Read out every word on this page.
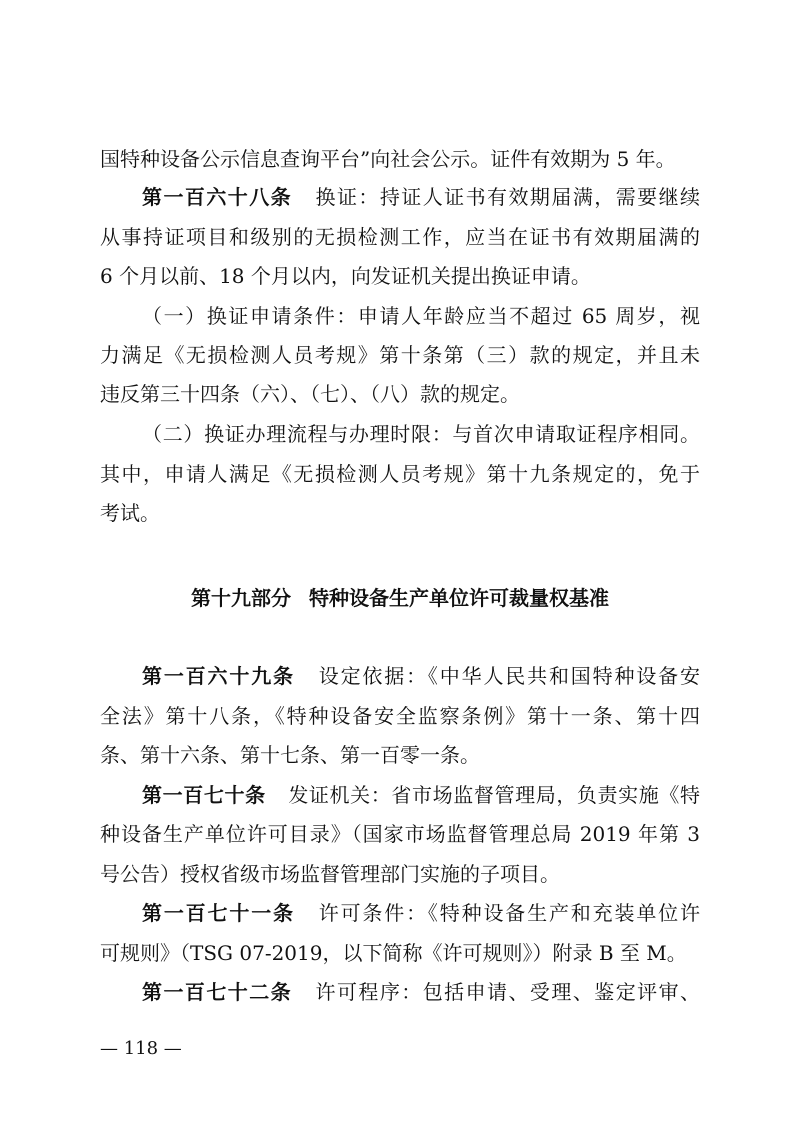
国特种设备公示信息查询平台”向社会公示。证件有效期为 5 年。
第一百六十八条 换证：持证人证书有效期届满，需要继续
从事持证项目和级别的无损检测工作，应当在证书有效期届满的
6 个月以前、18 个月以内，向发证机关提出换证申请。
（一）换证申请条件：申请人年龄应当不超过 65 周岁，视
力满足《无损检测人员考规》第十条第（三）款的规定，并且未
违反第三十四条（六）、（七）、（八）款的规定。
（二）换证办理流程与办理时限：与首次申请取证程序相同。
其中，申请人满足《无损检测人员考规》第十九条规定的，免于
考试。
第十九部分 特种设备生产单位许可裁量权基准
第一百六十九条 设定依据：《中华人民共和国特种设备安
全法》第十八条，《特种设备安全监察条例》第十一条、第十四
条、第十六条、第十七条、第一百零一条。
第一百七十条 发证机关：省市场监督管理局，负责实施《特
种设备生产单位许可目录》（国家市场监督管理总局 2019 年第 3
号公告）授权省级市场监督管理部门实施的子项目。
第一百七十一条 许可条件：《特种设备生产和充装单位许
可规则》（TSG 07-2019，以下简称《许可规则》）附录 B 至 M。
第一百七十二条 许可程序：包括申请、受理、鉴定评审、
— 118 —
